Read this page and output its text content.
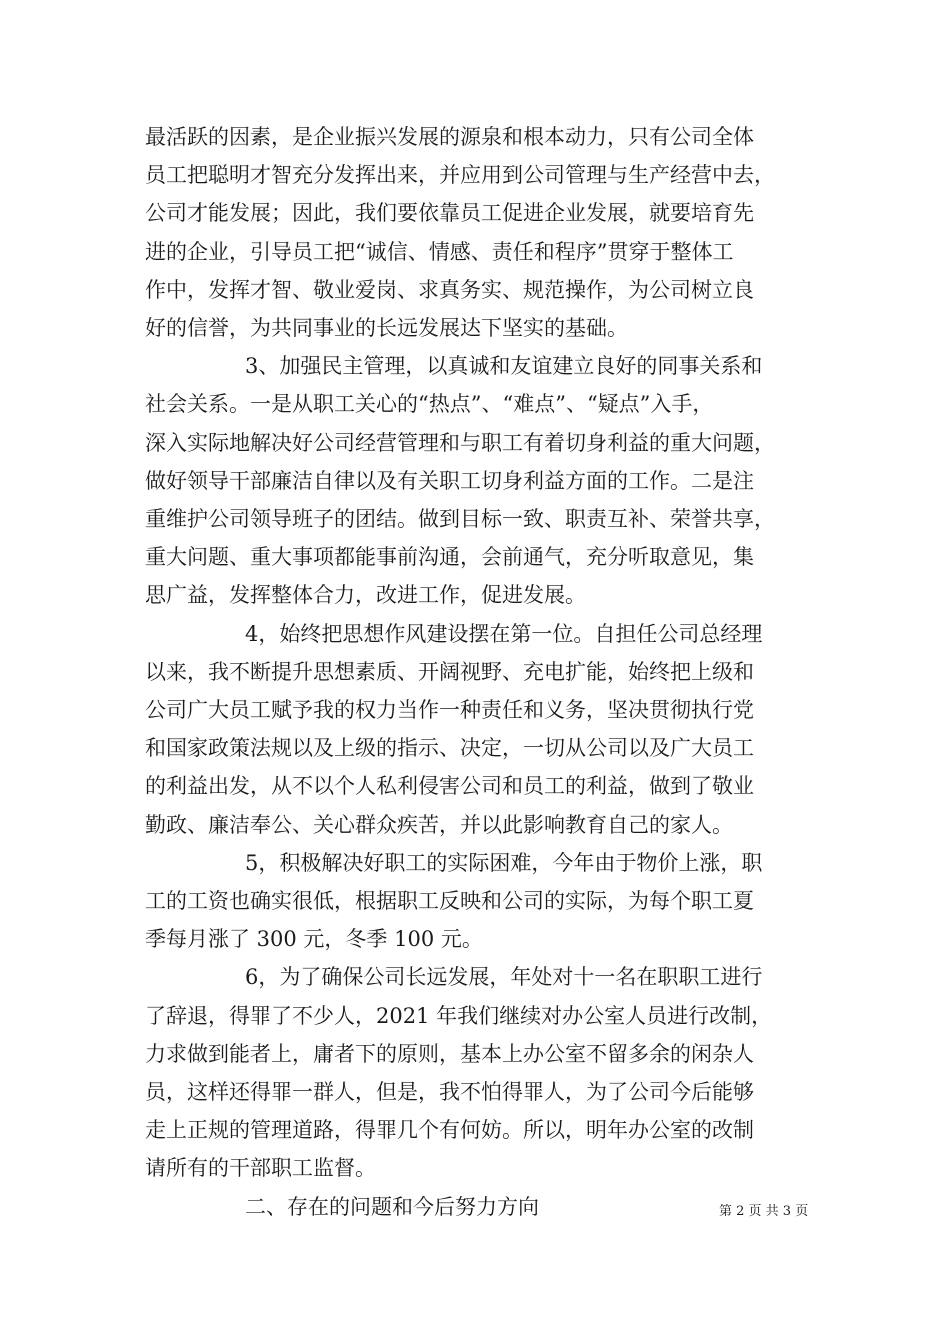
最活跃的因素，是企业振兴发展的源泉和根本动力，只有公司全体
员工把聪明才智充分发挥出来，并应用到公司管理与生产经营中去，
公司才能发展；因此，我们要依靠员工促进企业发展，就要培育先
进的企业，引导员工把“诚信、情感、责任和程序”贯穿于整体工
作中，发挥才智、敬业爱岗、求真务实、规范操作，为公司树立良
好的信誉，为共同事业的长远发展达下坚实的基础。

3、加强民主管理，以真诚和友谊建立良好的同事关系和
社会关系。一是从职工关心的“热点”、“难点”、“疑点”入手，
深入实际地解决好公司经营管理和与职工有着切身利益的重大问题，
做好领导干部廉洁自律以及有关职工切身利益方面的工作。二是注
重维护公司领导班子的团结。做到目标一致、职责互补、荣誉共享，
重大问题、重大事项都能事前沟通，会前通气，充分听取意见，集
思广益，发挥整体合力，改进工作，促进发展。

4，始终把思想作风建设摆在第一位。自担任公司总经理
以来，我不断提升思想素质、开阔视野、充电扩能，始终把上级和
公司广大员工赋予我的权力当作一种责任和义务，坚决贯彻执行党
和国家政策法规以及上级的指示、决定，一切从公司以及广大员工
的利益出发，从不以个人私利侵害公司和员工的利益，做到了敬业
勤政、廉洁奉公、关心群众疾苦，并以此影响教育自己的家人。

5，积极解决好职工的实际困难，今年由于物价上涨，职
工的工资也确实很低，根据职工反映和公司的实际，为每个职工夏
季每月涨了 300 元，冬季 100 元。

6，为了确保公司长远发展，年处对十一名在职职工进行
了辞退，得罪了不少人，2021 年我们继续对办公室人员进行改制，
力求做到能者上，庸者下的原则，基本上办公室不留多余的闲杂人
员，这样还得罪一群人，但是，我不怕得罪人，为了公司今后能够
走上正规的管理道路，得罪几个有何妨。所以，明年办公室的改制
请所有的干部职工监督。

二、存在的问题和今后努力方向	第 2 页 共 3 页
